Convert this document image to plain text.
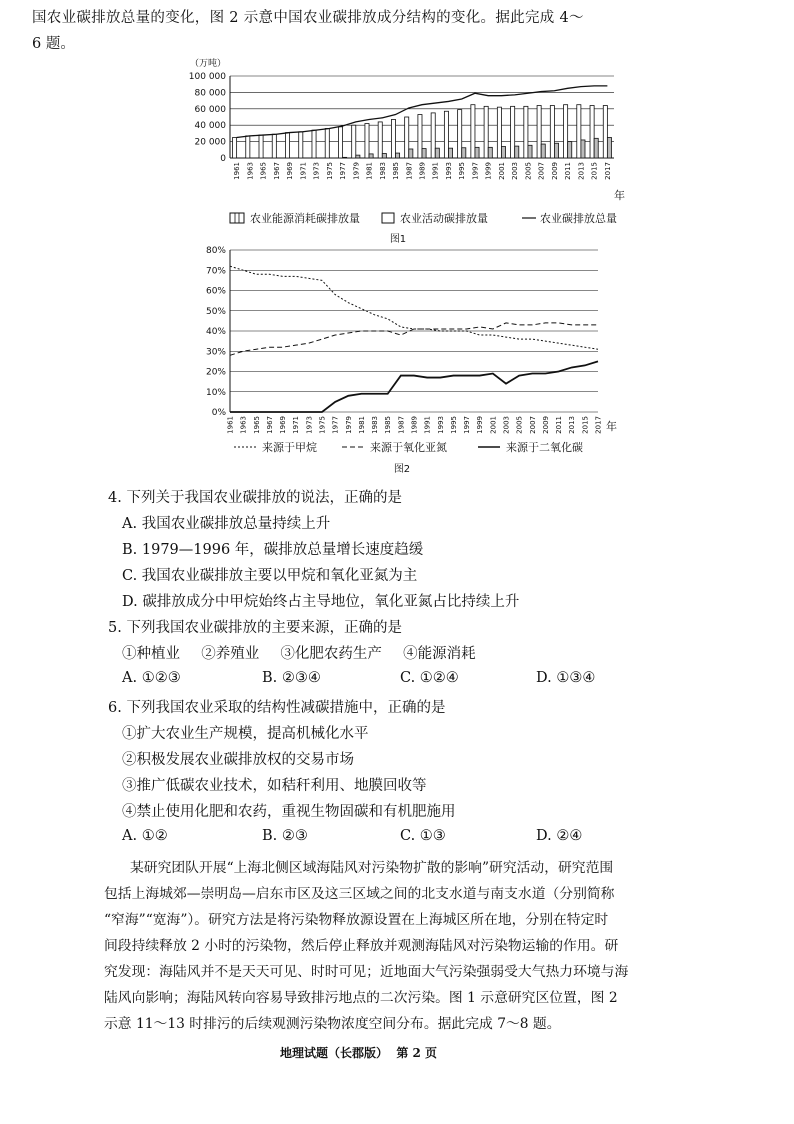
国农业碳排放总量的变化，图 2 示意中国农业碳排放成分结构的变化。据此完成 4～
6 题。
（万吨）
100 000
80 000
60 000
40 000
20 000
0
1961 1963 1965 1967 1969 1971 1973 1975 1977 1979 1981 1983 1985 1987 1989 1991 1993 1995 1997 1999 2001 2003 2005 2007 2009 2011 2013 2015 2017
年
农业能源消耗碳排放量	农业活动碳排放量	农业碳排放总量
图1
80%
70%
60%
50%
40%
30%
20%
10%
0%
1961 1963 1965 1967 1969 1971 1973 1975 1977 1979 1981 1983 1985 1987 1989 1991 1993 1995 1997 1999 2001 2003 2005 2007 2009 2011 2013 2015 2017 年
来源于甲烷	来源于氧化亚氮	来源于二氧化碳
图2
4. 下列关于我国农业碳排放的说法，正确的是
A. 我国农业碳排放总量持续上升
B. 1979—1996 年，碳排放总量增长速度趋缓
C. 我国农业碳排放主要以甲烷和氧化亚氮为主
D. 碳排放成分中甲烷始终占主导地位，氧化亚氮占比持续上升
5. 下列我国农业碳排放的主要来源，正确的是
①种植业  ②养殖业  ③化肥农药生产  ④能源消耗
A. ①②③	B. ②③④	C. ①②④	D. ①③④
6. 下列我国农业采取的结构性减碳措施中，正确的是
①扩大农业生产规模，提高机械化水平
②积极发展农业碳排放权的交易市场
③推广低碳农业技术，如秸秆利用、地膜回收等
④禁止使用化肥和农药，重视生物固碳和有机肥施用
A. ①②	B. ②③	C. ①③	D. ②④
某研究团队开展“上海北侧区域海陆风对污染物扩散的影响”研究活动，研究范围
包括上海城郊—崇明岛—启东市区及这三区域之间的北支水道与南支水道（分别简称
“窄海”“宽海”）。研究方法是将污染物释放源设置在上海城区所在地，分别在特定时
间段持续释放 2 小时的污染物，然后停止释放并观测海陆风对污染物运输的作用。研
究发现：海陆风并不是天天可见、时时可见；近地面大气污染强弱受大气热力环境与海
陆风向影响；海陆风转向容易导致排污地点的二次污染。图 1 示意研究区位置，图 2
示意 11～13 时排污的后续观测污染物浓度空间分布。据此完成 7～8 题。
地理试题（长郡版）  第 2 页
